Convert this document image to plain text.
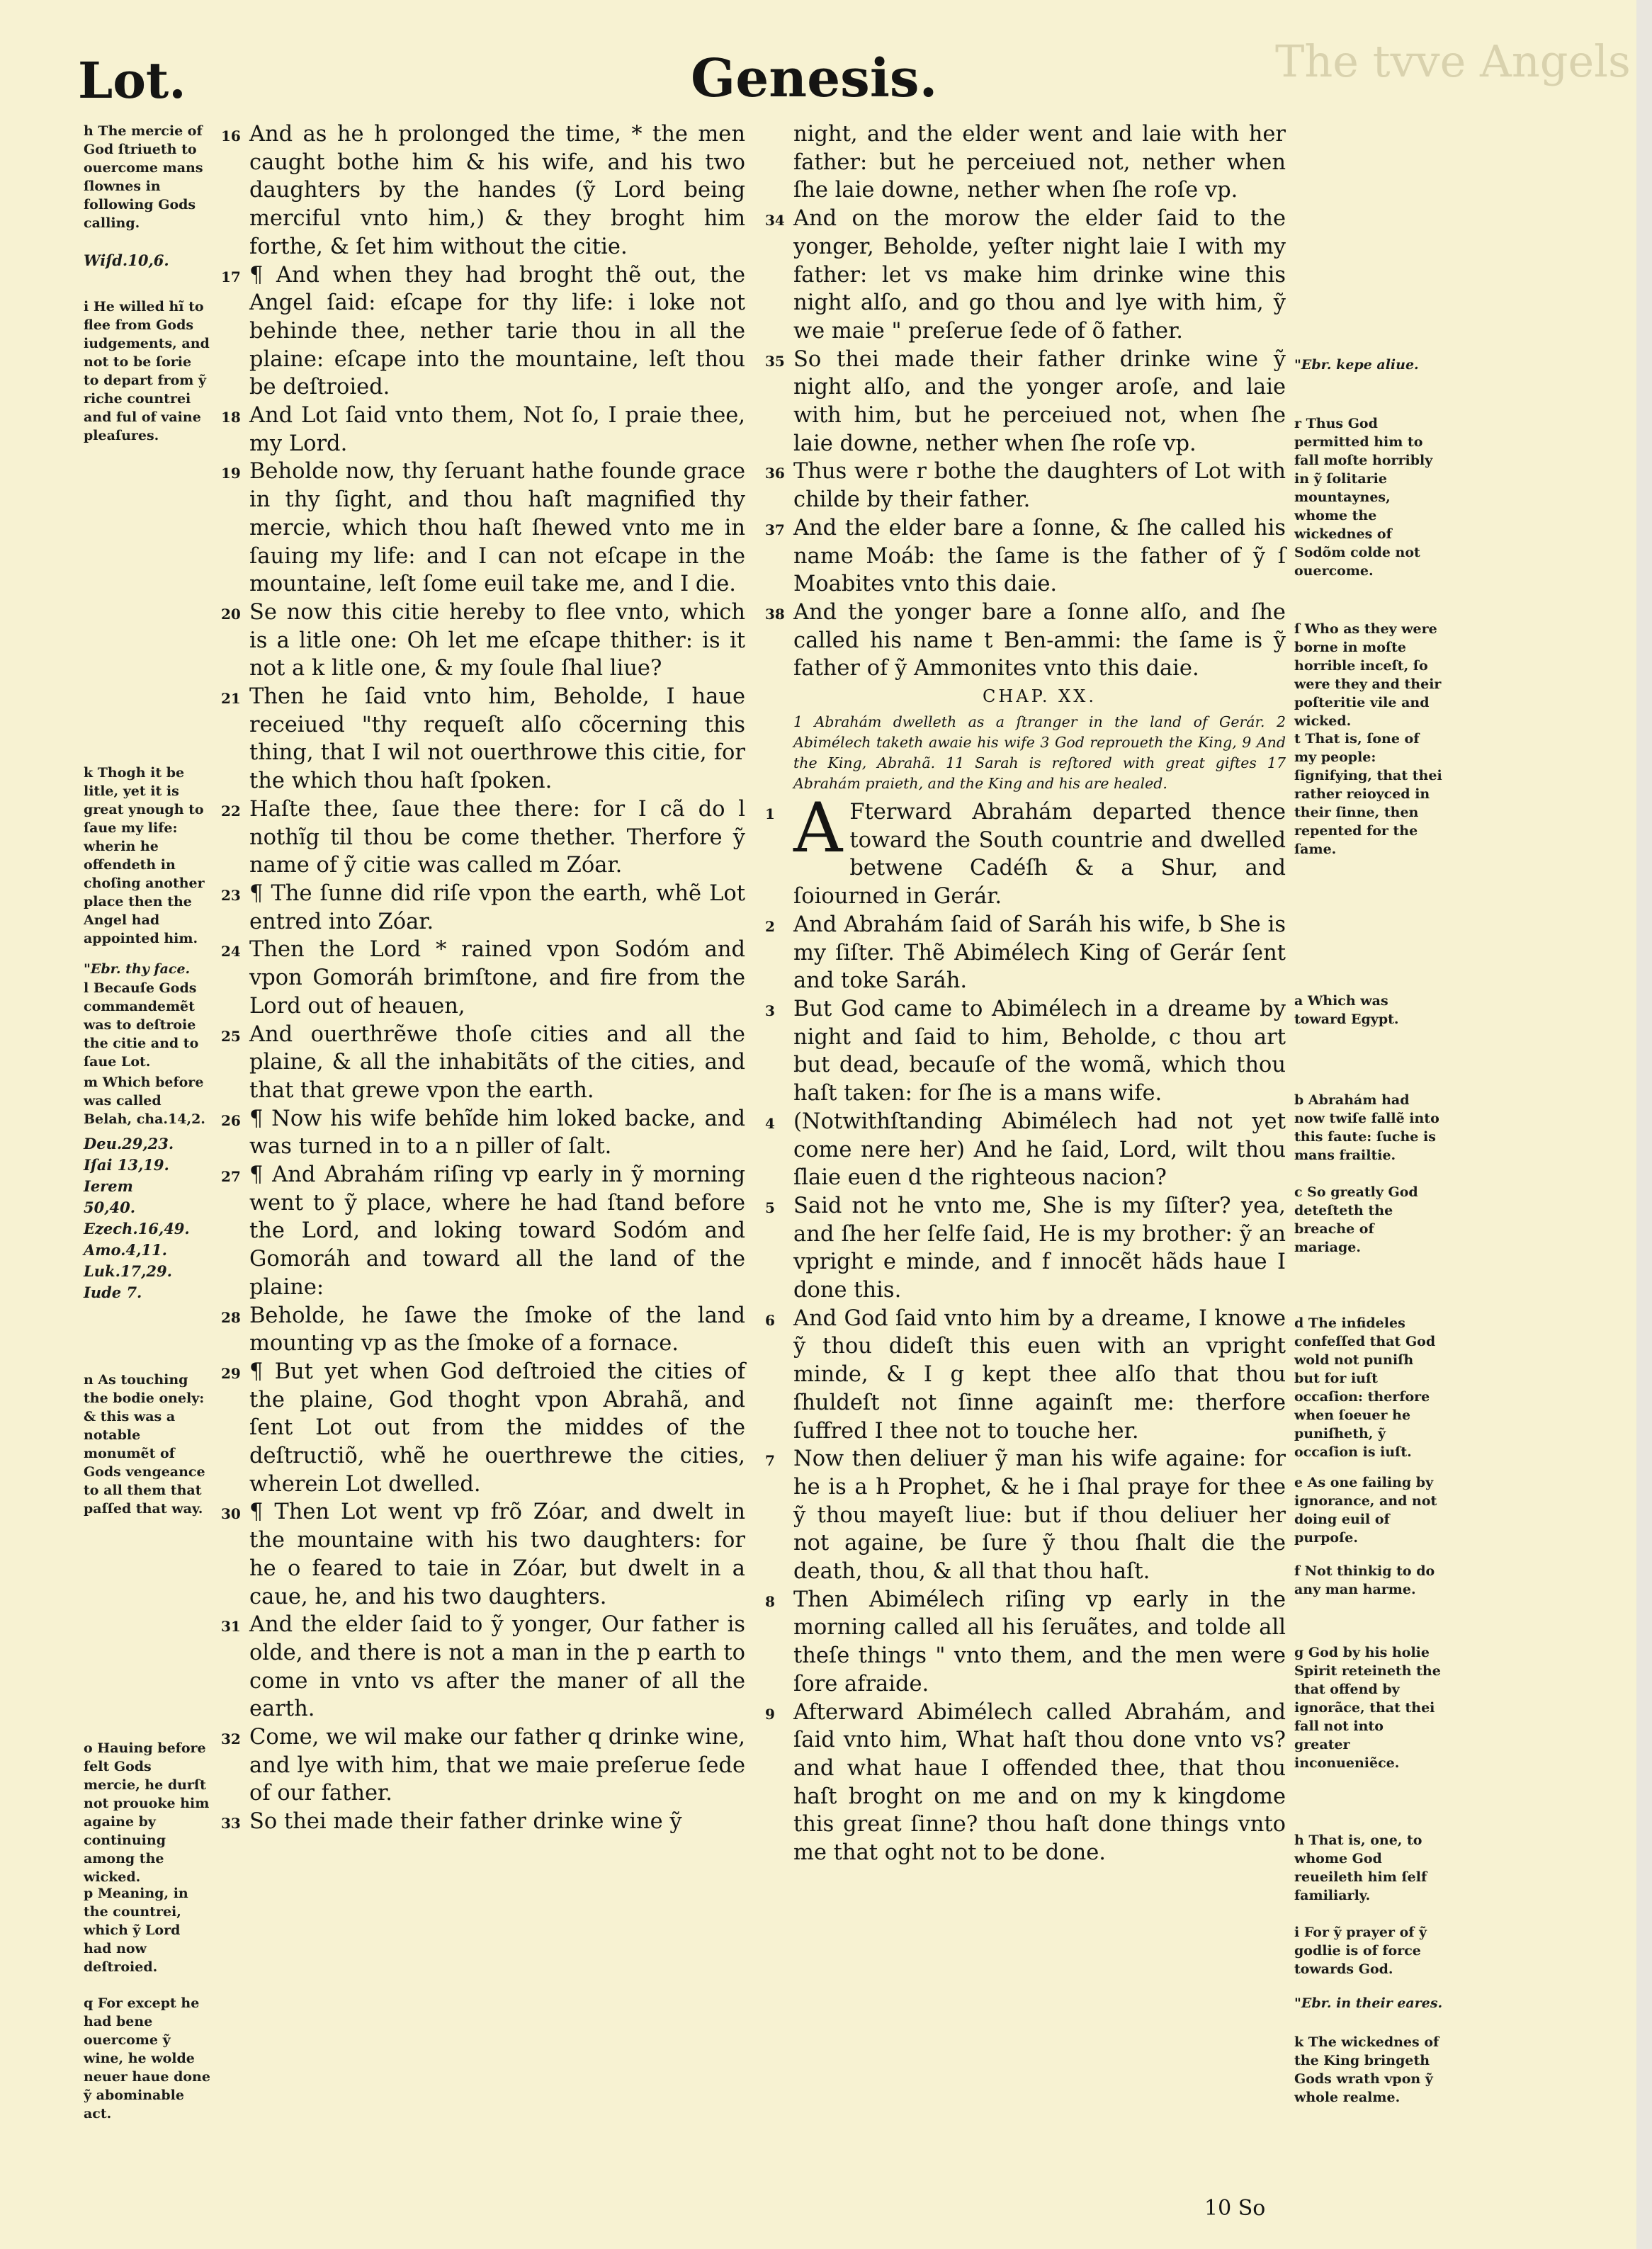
Lot.	Genesis.	The tvve Angels

h The mercie of God ſtriueth to ouercome mans ſlownes in following Gods calling.

Wiſd.10,6.

i He willed hĩ to flee from Gods iudgements, and not to be ſorie to depart from ỹ riche countrei and ful of vaine pleaſures.

k Thogh it be litle, yet it is great ynough to ſaue my life: wherin he offendeth in choſing another place then the Angel had appointed him.

"Ebr. thy face.

l Becauſe Gods commandemẽt was to deſtroie the citie and to ſaue Lot.

m Which before was called Belah, cha.14,2.

Deu.29,23. Iſai 13,19. Ierem 50,40. Ezech.16,49. Amo.4,11. Luk.17,29. Iude 7.

n As touching the bodie onely: & this was a notable monumẽt of Gods vengeance to all them that paſſed that way.

o Hauing before felt Gods mercie, he durſt not prouoke him againe by continuing among the wicked.

p Meaning, in the countrei, which ỹ Lord had now deſtroied.

q For except he had bene ouercome ỹ wine, he wolde neuer haue done ỹ abominable act.

"Ebr. kepe aliue.

r Thus God permitted him to fall moſte horribly in ỹ ſolitarie mountaynes, whome the wickednes of Sodõm colde not ouercome.

ſ Who as they were borne in moſte horrible inceſt, ſo were they and their poſteritie vile and wicked.

t That is, ſone of my people: ſignifying, that thei rather reioyced in their ſinne, then repented for the ſame.

a Which was toward Egypt.

b Abrahám had now twiſe fallẽ into this faute: ſuche is mans frailtie.

c So greatly God deteſteth the breache of mariage.

d The infideles confeſſed that God wold not puniſh but for iuſt occaſion: therfore when ſoeuer he puniſheth, ỹ occaſion is iuſt.

e As one failing by ignorance, and not doing euil of purpoſe.

f Not thinkig to do any man harme.

g God by his holie Spirit reteineth the that offend by ignorãce, that thei fall not into greater inconueniẽce.

h That is, one, to whome God reueileth him ſelf familiarly.

i For ỹ prayer of ỹ godlie is of force towards God.

"Ebr. in their eares.

k The wickednes of the King bringeth Gods wrath vpon ỹ whole realme.

16 And as he h prolonged the time, * the men caught bothe him & his wife, and his two daughters by the handes (ỹ Lord being merciful vnto him,) & they broght him forthe, & ſet him without the citie.

17 ¶ And when they had broght thẽ out, the Angel ſaid: eſcape for thy life: i loke not behinde thee, nether tarie thou in all the plaine: eſcape into the mountaine, leſt thou be deſtroied.

18 And Lot ſaid vnto them, Not ſo, I praie thee, my Lord.

19 Beholde now, thy ſeruant hathe founde grace in thy ſight, and thou haſt magnified thy mercie, which thou haſt ſhewed vnto me in ſauing my life: and I can not eſcape in the mountaine, leſt ſome euil take me, and I die.

20 Se now this citie hereby to flee vnto, which is a litle one: Oh let me eſcape thither: is it not a k litle one, & my ſoule ſhal liue?

21 Then he ſaid vnto him, Beholde, I haue receiued "thy requeſt alſo cõcerning this thing, that I wil not ouerthrowe this citie, for the which thou haſt ſpoken.

22 Haſte thee, ſaue thee there: for I cã do l nothĩg til thou be come thether. Therfore ỹ name of ỹ citie was called m Zóar.

23 ¶ The ſunne did riſe vpon the earth, whẽ Lot entred into Zóar.

24 Then the Lord * rained vpon Sodóm and vpon Gomoráh brimſtone, and fire from the Lord out of heauen,

25 And ouerthrẽwe thoſe cities and all the plaine, & all the inhabitãts of the cities, and that that grewe vpon the earth.

26 ¶ Now his wife behĩde him loked backe, and was turned in to a n piller of ſalt.

27 ¶ And Abrahám riſing vp early in ỹ morning went to ỹ place, where he had ſtand before the Lord, and loking toward Sodóm and Gomoráh and toward all the land of the plaine:

28 Beholde, he ſawe the ſmoke of the land mounting vp as the ſmoke of a fornace.

29 ¶ But yet when God deſtroied the cities of the plaine, God thoght vpon Abrahã, and ſent Lot out from the middes of the deſtructiõ, whẽ he ouerthrewe the cities, wherein Lot dwelled.

30 ¶ Then Lot went vp frõ Zóar, and dwelt in the mountaine with his two daughters: for he o feared to taie in Zóar, but dwelt in a caue, he, and his two daughters.

31 And the elder ſaid to ỹ yonger, Our father is olde, and there is not a man in the p earth to come in vnto vs after the maner of all the earth.

32 Come, we wil make our father q drinke wine, and lye with him, that we maie preſerue ſede of our father.

33 So thei made their father drinke wine ỹ

night, and the elder went and laie with her father: but he perceiued not, nether when ſhe laie downe, nether when ſhe roſe vp.

34 And on the morow the elder ſaid to the yonger, Beholde, yeſter night laie I with my father: let vs make him drinke wine this night alſo, and go thou and lye with him, ỹ we maie " preſerue ſede of õ father.

35 So thei made their father drinke wine ỹ night alſo, and the yonger aroſe, and laie with him, but he perceiued not, when ſhe laie downe, nether when ſhe roſe vp.

36 Thus were r bothe the daughters of Lot with childe by their father.

37 And the elder bare a ſonne, & ſhe called his name Moáb: the ſame is the father of ỹ ſ Moabites vnto this daie.

38 And the yonger bare a ſonne alſo, and ſhe called his name t Ben-ammi: the ſame is ỹ father of ỹ Ammonites vnto this daie.

CHAP. XX.

1 Abrahám dwelleth as a ſtranger in the land of Gerár. 2 Abimélech taketh awaie his wife 3 God reproueth the King, 9 And the King, Abrahã. 11 Sarah is reſtored with great giftes 17 Abrahám praieth, and the King and his are healed.

1 A Fterward Abrahám departed thence toward the South countrie and dwelled betwene Cadéſh & a Shur, and ſoiourned in Gerár.

2 And Abrahám ſaid of Saráh his wife, b She is my ſiſter. Thẽ Abimélech King of Gerár ſent and toke Saráh.

3 But God came to Abimélech in a dreame by night and ſaid to him, Beholde, c thou art but dead, becauſe of the womã, which thou haſt taken: for ſhe is a mans wife.

4 (Notwithſtanding Abimélech had not yet come nere her) And he ſaid, Lord, wilt thou ſlaie euen d the righteous nacion?

5 Said not he vnto me, She is my ſiſter? yea, and ſhe her ſelfe ſaid, He is my brother: ỹ an vpright e minde, and f innocẽt hãds haue I done this.

6 And God ſaid vnto him by a dreame, I knowe ỹ thou dideſt this euen with an vpright minde, & I g kept thee alſo that thou ſhuldeſt not ſinne againſt me: therfore ſuffred I thee not to touche her.

7 Now then deliuer ỹ man his wife againe: for he is a h Prophet, & he i ſhal praye for thee ỹ thou mayeſt liue: but if thou deliuer her not againe, be ſure ỹ thou ſhalt die the death, thou, & all that thou haſt.

8 Then Abimélech riſing vp early in the morning called all his ſeruãtes, and tolde all theſe things " vnto them, and the men were ſore afraide.

9 Afterward Abimélech called Abrahám, and ſaid vnto him, What haſt thou done vnto vs? and what haue I offended thee, that thou haſt broght on me and on my k kingdome this great ſinne? thou haſt done things vnto me that oght not to be done.

10 So
